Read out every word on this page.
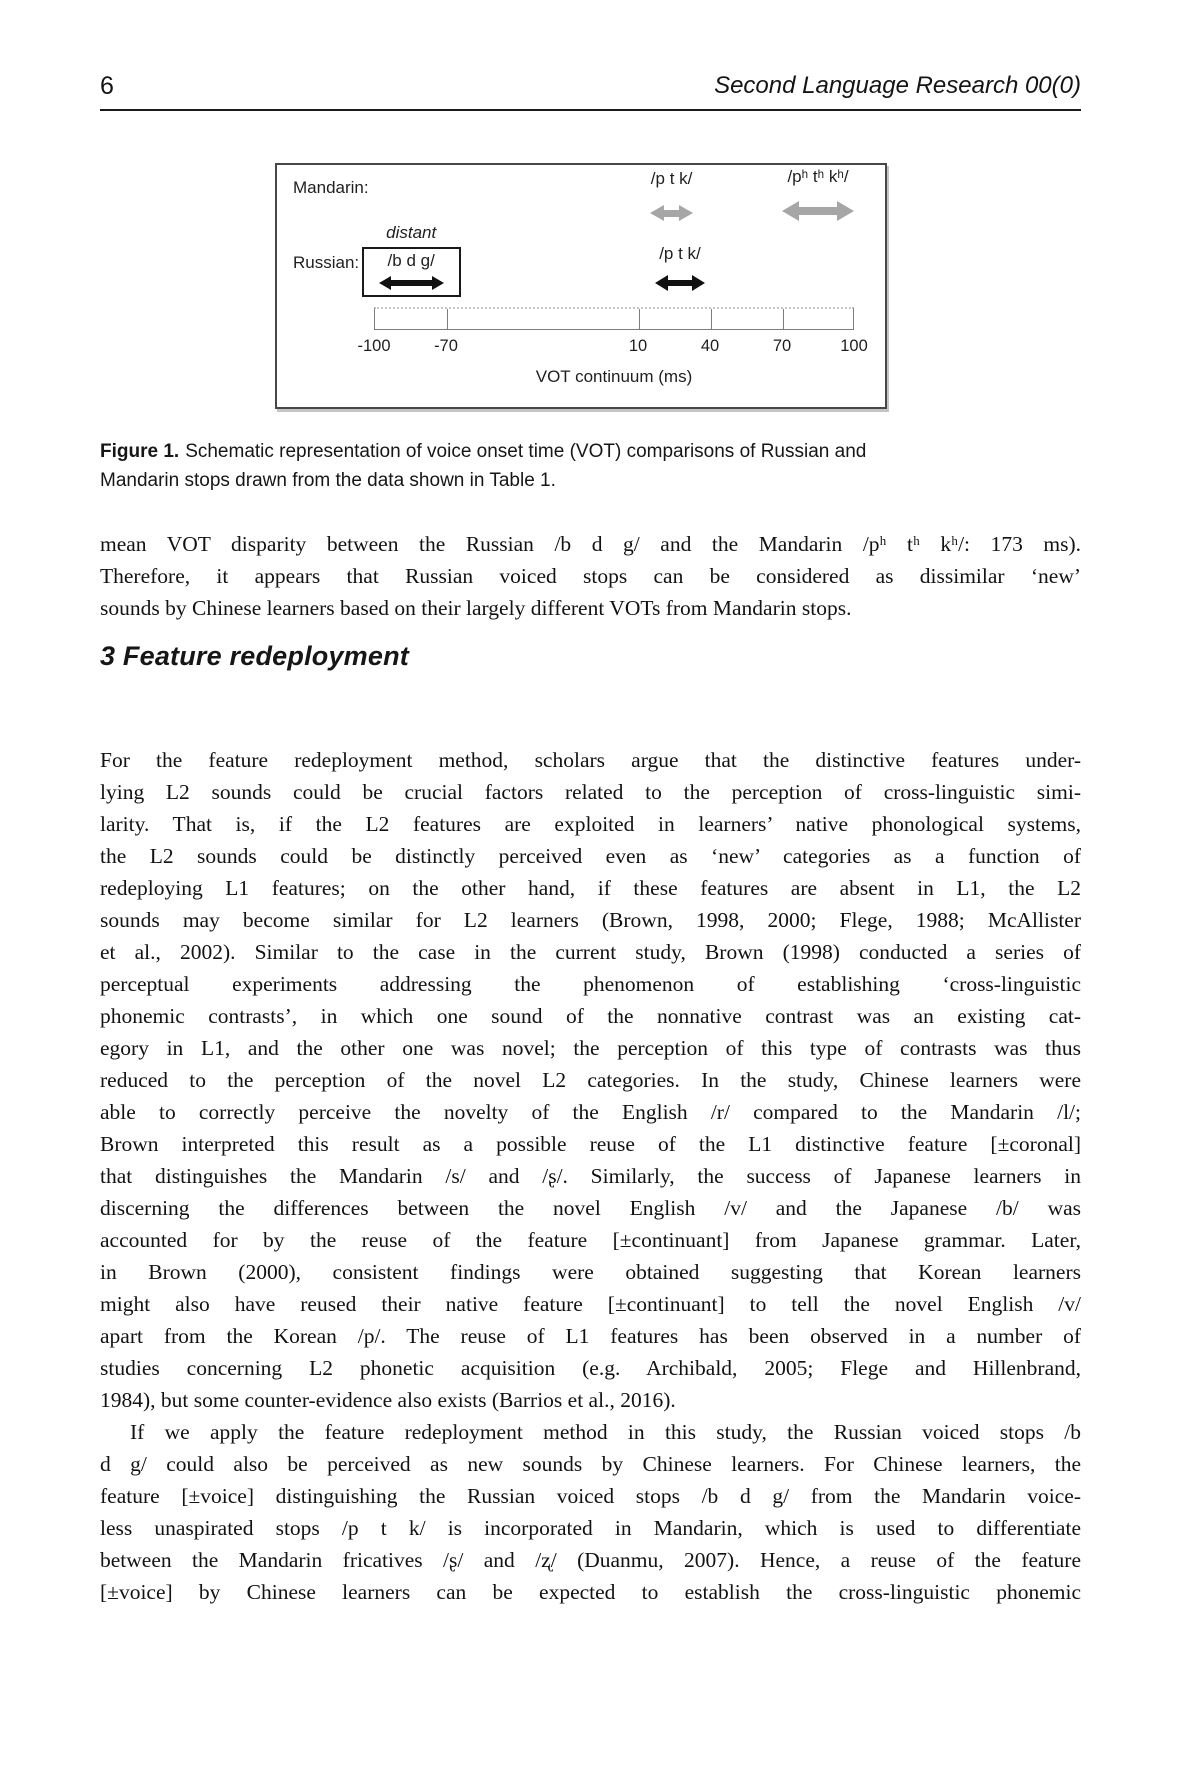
6	Second Language Research 00(0)
Mandarin:
Russian:
/p t k/	/pʰ tʰ kʰ/
/b d g/
distant
/p t k/
-100	-70	10	40	70	100
VOT continuum (ms)
Figure 1. Schematic representation of voice onset time (VOT) comparisons of Russian and
Mandarin stops drawn from the data shown in Table 1.
mean VOT disparity between the Russian /b d g/ and the Mandarin /pʰ tʰ kʰ/: 173 ms).
Therefore, it appears that Russian voiced stops can be considered as dissimilar ‘new’
sounds by Chinese learners based on their largely different VOTs from Mandarin stops.
3 Feature redeployment
For the feature redeployment method, scholars argue that the distinctive features under-
lying L2 sounds could be crucial factors related to the perception of cross-linguistic simi-
larity. That is, if the L2 features are exploited in learners’ native phonological systems,
the L2 sounds could be distinctly perceived even as ‘new’ categories as a function of
redeploying L1 features; on the other hand, if these features are absent in L1, the L2
sounds may become similar for L2 learners (Brown, 1998, 2000; Flege, 1988; McAllister
et al., 2002). Similar to the case in the current study, Brown (1998) conducted a series of
perceptual experiments addressing the phenomenon of establishing ‘cross-linguistic
phonemic contrasts’, in which one sound of the nonnative contrast was an existing cat-
egory in L1, and the other one was novel; the perception of this type of contrasts was thus
reduced to the perception of the novel L2 categories. In the study, Chinese learners were
able to correctly perceive the novelty of the English /r/ compared to the Mandarin /l/;
Brown interpreted this result as a possible reuse of the L1 distinctive feature [±coronal]
that distinguishes the Mandarin /s/ and /ʂ/. Similarly, the success of Japanese learners in
discerning the differences between the novel English /v/ and the Japanese /b/ was
accounted for by the reuse of the feature [±continuant] from Japanese grammar. Later,
in Brown (2000), consistent findings were obtained suggesting that Korean learners
might also have reused their native feature [±continuant] to tell the novel English /v/
apart from the Korean /p/. The reuse of L1 features has been observed in a number of
studies concerning L2 phonetic acquisition (e.g. Archibald, 2005; Flege and Hillenbrand,
1984), but some counter-evidence also exists (Barrios et al., 2016).
If we apply the feature redeployment method in this study, the Russian voiced stops /b
d g/ could also be perceived as new sounds by Chinese learners. For Chinese learners, the
feature [±voice] distinguishing the Russian voiced stops /b d g/ from the Mandarin voice-
less unaspirated stops /p t k/ is incorporated in Mandarin, which is used to differentiate
between the Mandarin fricatives /ʂ/ and /ʐ/ (Duanmu, 2007). Hence, a reuse of the feature
[±voice] by Chinese learners can be expected to establish the cross-linguistic phonemic
